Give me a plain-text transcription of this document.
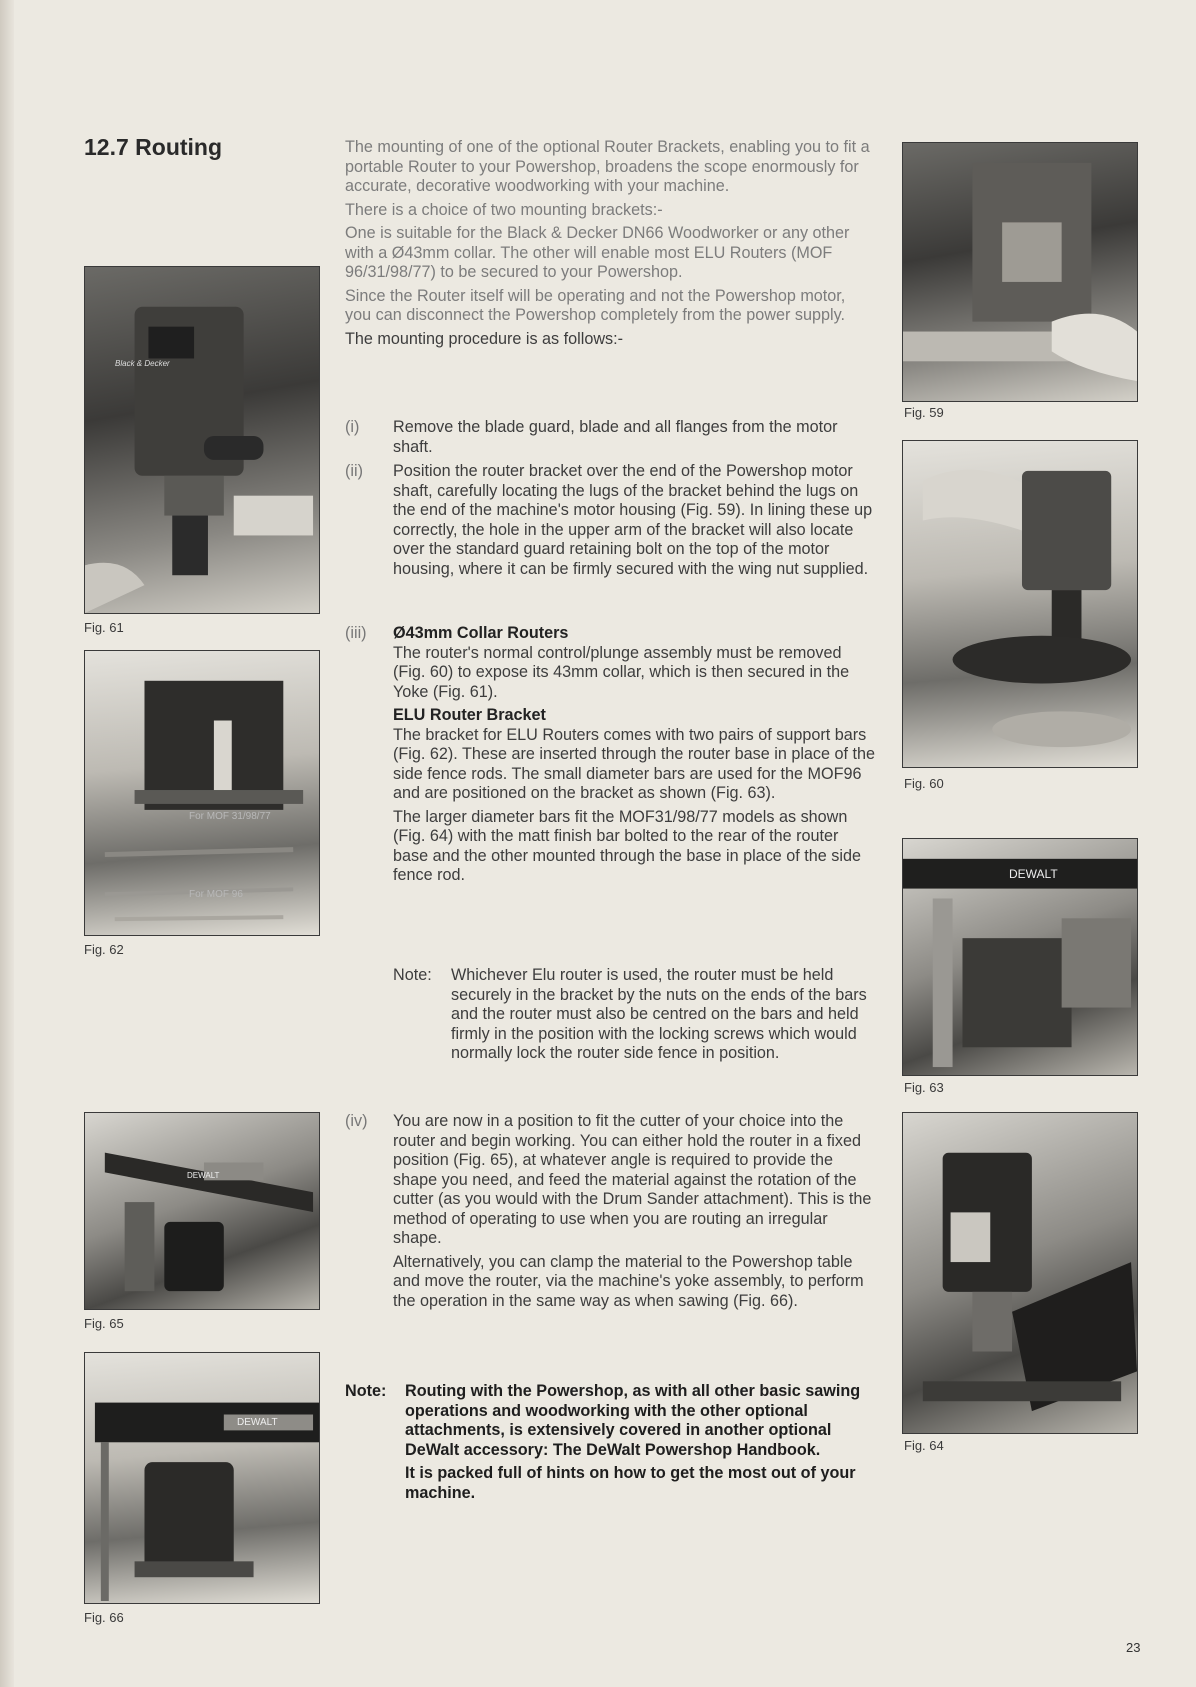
12.7 Routing
Black & Decker

Fig. 61

For MOF 31/98/77
For MOF 96

Fig. 62

DEWALT

Fig. 65

DEWALT

Fig. 66

Fig. 59

Fig. 60

DEWALT

Fig. 63

Fig. 64

The mounting of one of the optional Router Brackets, enabling you to fit a portable Router to your Powershop, broadens the scope enormously for accurate, decorative woodworking with your machine.

There is a choice of two mounting brackets:-

One is suitable for the Black & Decker DN66 Woodworker or any other with a Ø43mm collar. The other will enable most ELU Routers (MOF 96/31/98/77) to be secured to your Powershop.

Since the Router itself will be operating and not the Powershop motor, you can disconnect the Powershop completely from the power supply.

The mounting procedure is as follows:-

(i)	Remove the blade guard, blade and all flanges from the motor shaft.
(ii)	Position the router bracket over the end of the Powershop motor shaft, carefully locating the lugs of the bracket behind the lugs on the end of the machine's motor housing (Fig. 59). In lining these up correctly, the hole in the upper arm of the bracket will also locate over the standard guard retaining bolt on the top of the motor housing, where it can be firmly secured with the wing nut supplied.
(iii)	Ø43mm Collar Routers
The router's normal control/plunge assembly must be removed (Fig. 60) to expose its 43mm collar, which is then secured in the Yoke (Fig. 61).
ELU Router Bracket
The bracket for ELU Routers comes with two pairs of support bars (Fig. 62). These are inserted through the router base in place of the side fence rods. The small diameter bars are used for the MOF96 and are positioned on the bracket as shown (Fig. 63).
The larger diameter bars fit the MOF31/98/77 models as shown (Fig. 64) with the matt finish bar bolted to the rear of the router base and the other mounted through the base in place of the side fence rod.
Note: Whichever Elu router is used, the router must be held securely in the bracket by the nuts on the ends of the bars and the router must also be centred on the bars and held firmly in the position with the locking screws which would normally lock the router side fence in position.
(iv)	You are now in a position to fit the cutter of your choice into the router and begin working. You can either hold the router in a fixed position (Fig. 65), at whatever angle is required to provide the shape you need, and feed the material against the rotation of the cutter (as you would with the Drum Sander attachment). This is the method of operating to use when you are routing an irregular shape.
Alternatively, you can clamp the material to the Powershop table and move the router, via the machine's yoke assembly, to perform the operation in the same way as when sawing (Fig. 66).
Note: Routing with the Powershop, as with all other basic sawing operations and woodworking with the other optional attachments, is extensively covered in another optional DeWalt accessory: The DeWalt Powershop Handbook.

It is packed full of hints on how to get the most out of your machine.

23
